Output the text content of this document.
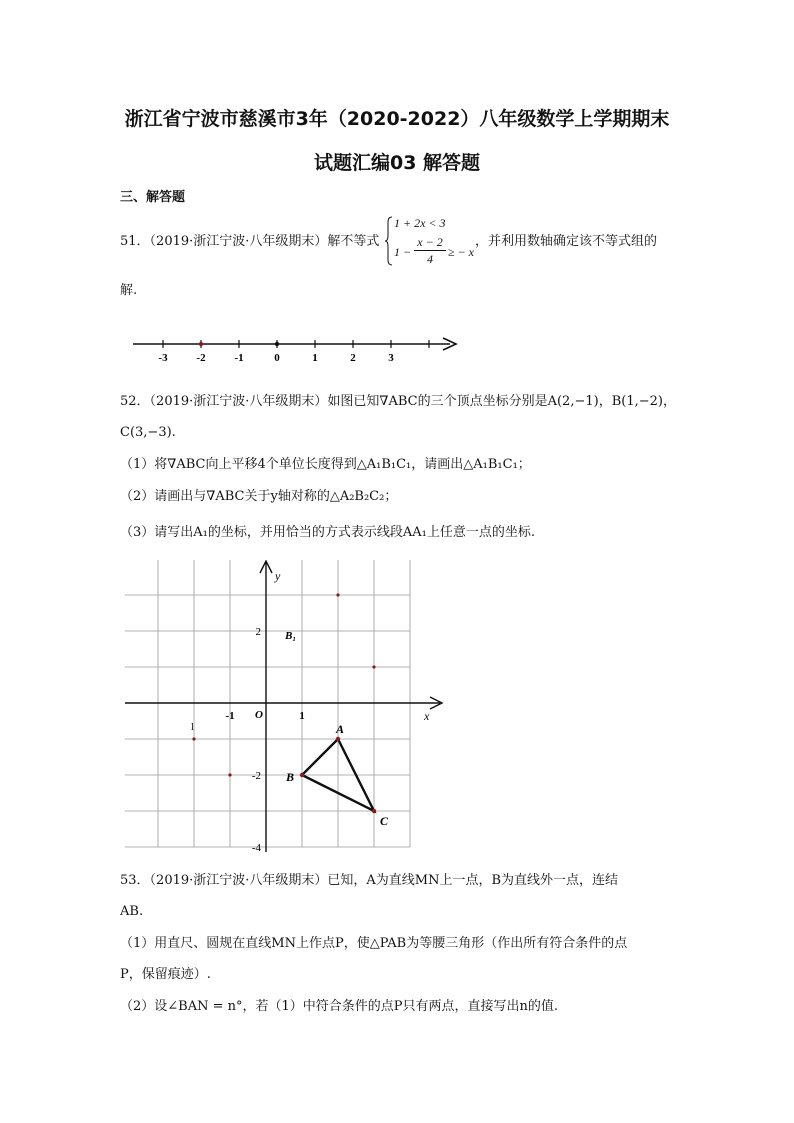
浙江省宁波市慈溪市3年（2020-2022）八年级数学上学期期末
试题汇编03 解答题
三、解答题
51．（2019·浙江宁波·八年级期末）解不等式
1 + 2x < 3
1 −
x − 2
4	≥ − x
，并利用数轴确定该不等式组的
解.
-3	-2	-1	0	1	2	3
52．（2019·浙江宁波·八年级期末）如图已知∇ABC的三个顶点坐标分别是A(2,−1)，B(1,−2)，
C(3,−3).
（1）将∇ABC向上平移4个单位长度得到△A₁B₁C₁，请画出△A₁B₁C₁；
（2）请画出与∇ABC关于y轴对称的△A₂B₂C₂；
（3）请写出A₁的坐标，并用恰当的方式表示线段AA₁上任意一点的坐标.
x
y
O
B₁
l
-1	1
2
-2
-4
A
B
C
53．（2019·浙江宁波·八年级期末）已知，A为直线MN上一点，B为直线外一点，连结
AB.
（1）用直尺、圆规在直线MN上作点P，使△PAB为等腰三角形（作出所有符合条件的点
P，保留痕迹）.
（2）设∠BAN = n°，若（1）中符合条件的点P只有两点，直接写出n的值.
